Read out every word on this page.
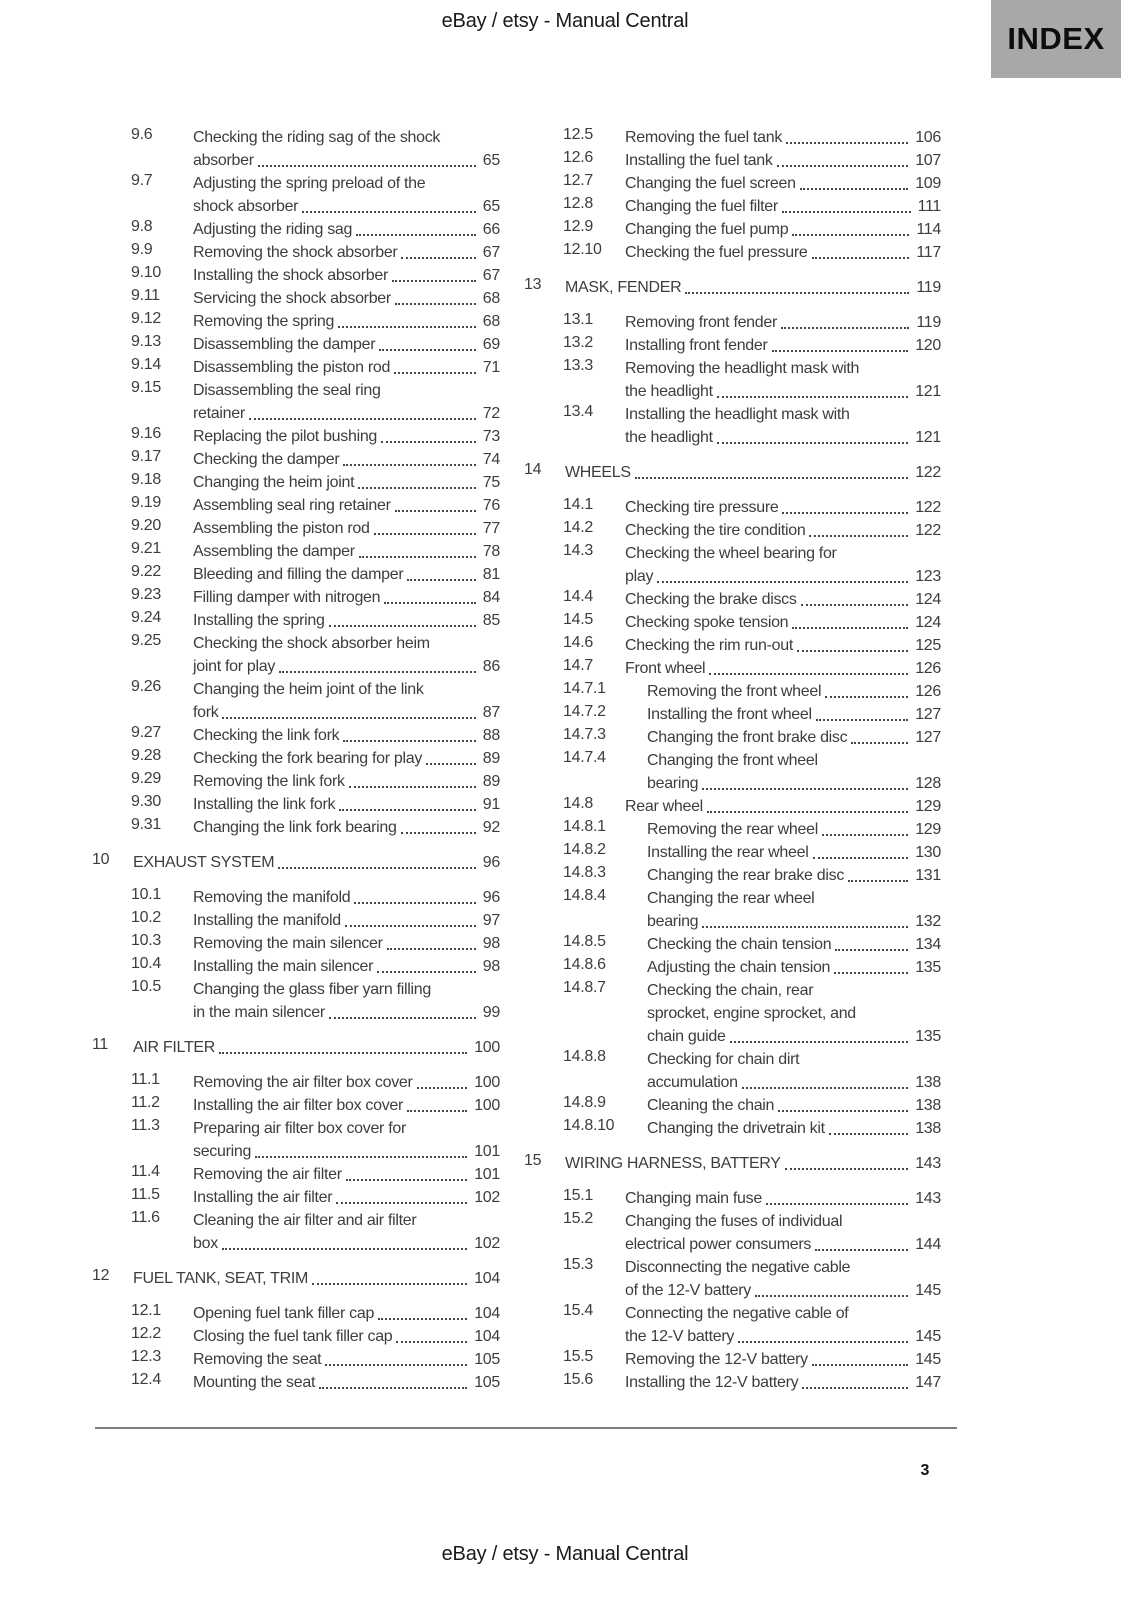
eBay / etsy - Manual Central	INDEX
9.6	Checking the riding sag of the shock
absorber	65
9.7	Adjusting the spring preload of the
shock absorber	65
9.8	Adjusting the riding sag	66
9.9	Removing the shock absorber	67
9.10	Installing the shock absorber	67
9.11	Servicing the shock absorber	68
9.12	Removing the spring	68
9.13	Disassembling the damper	69
9.14	Disassembling the piston rod	71
9.15	Disassembling the seal ring
retainer	72
9.16	Replacing the pilot bushing	73
9.17	Checking the damper	74
9.18	Changing the heim joint	75
9.19	Assembling seal ring retainer	76
9.20	Assembling the piston rod	77
9.21	Assembling the damper	78
9.22	Bleeding and filling the damper	81
9.23	Filling damper with nitrogen	84
9.24	Installing the spring	85
9.25	Checking the shock absorber heim
joint for play	86
9.26	Changing the heim joint of the link
fork	87
9.27	Checking the link fork	88
9.28	Checking the fork bearing for play	89
9.29	Removing the link fork	89
9.30	Installing the link fork	91
9.31	Changing the link fork bearing	92
10	EXHAUST SYSTEM	96
10.1	Removing the manifold	96
10.2	Installing the manifold	97
10.3	Removing the main silencer	98
10.4	Installing the main silencer	98
10.5	Changing the glass fiber yarn filling
in the main silencer	99
11	AIR FILTER	100
11.1	Removing the air filter box cover	100
11.2	Installing the air filter box cover	100
11.3	Preparing air filter box cover for
securing	101
11.4	Removing the air filter	101
11.5	Installing the air filter	102
11.6	Cleaning the air filter and air filter
box	102
12	FUEL TANK, SEAT, TRIM	104
12.1	Opening fuel tank filler cap	104
12.2	Closing the fuel tank filler cap	104
12.3	Removing the seat	105
12.4	Mounting the seat	105
12.5	Removing the fuel tank	106
12.6	Installing the fuel tank	107
12.7	Changing the fuel screen	109
12.8	Changing the fuel filter	111
12.9	Changing the fuel pump	114
12.10	Checking the fuel pressure	117
13	MASK, FENDER	119
13.1	Removing front fender	119
13.2	Installing front fender	120
13.3	Removing the headlight mask with
the headlight	121
13.4	Installing the headlight mask with
the headlight	121
14	WHEELS	122
14.1	Checking tire pressure	122
14.2	Checking the tire condition	122
14.3	Checking the wheel bearing for
play	123
14.4	Checking the brake discs	124
14.5	Checking spoke tension	124
14.6	Checking the rim run-out	125
14.7	Front wheel	126
14.7.1	Removing the front wheel	126
14.7.2	Installing the front wheel	127
14.7.3	Changing the front brake disc	127
14.7.4	Changing the front wheel
bearing	128
14.8	Rear wheel	129
14.8.1	Removing the rear wheel	129
14.8.2	Installing the rear wheel	130
14.8.3	Changing the rear brake disc	131
14.8.4	Changing the rear wheel
bearing	132
14.8.5	Checking the chain tension	134
14.8.6	Adjusting the chain tension	135
14.8.7	Checking the chain, rear
sprocket, engine sprocket, and
chain guide	135
14.8.8	Checking for chain dirt
accumulation	138
14.8.9	Cleaning the chain	138
14.8.10	Changing the drivetrain kit	138
15	WIRING HARNESS, BATTERY	143
15.1	Changing main fuse	143
15.2	Changing the fuses of individual
electrical power consumers	144
15.3	Disconnecting the negative cable
of the 12-V battery	145
15.4	Connecting the negative cable of
the 12-V battery	145
15.5	Removing the 12-V battery	145
15.6	Installing the 12-V battery	147
3
eBay / etsy - Manual Central
